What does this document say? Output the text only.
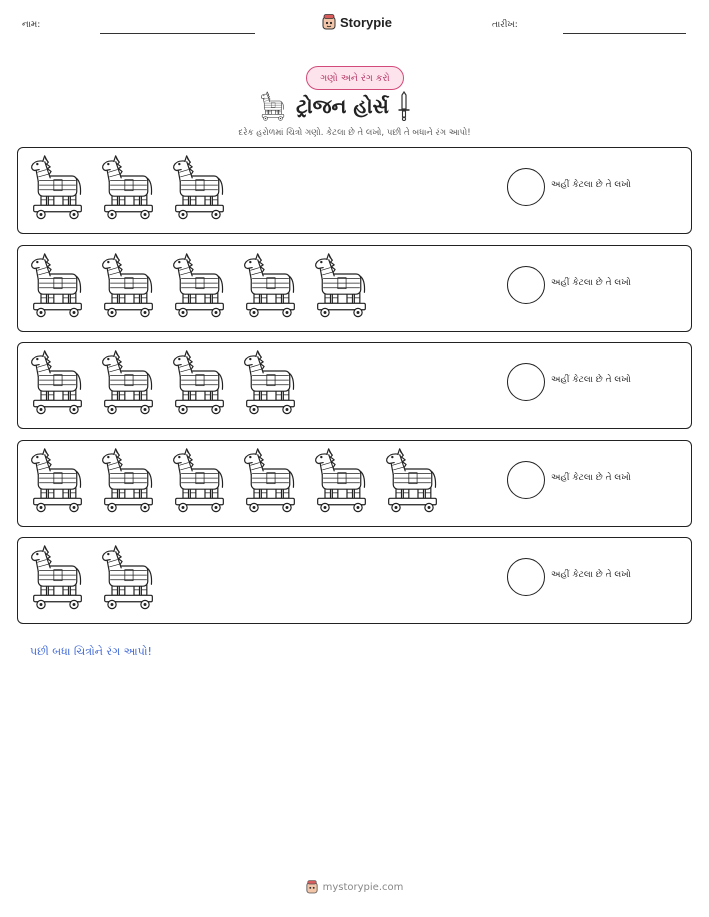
નામ:	Storypie	તારીખ:
ગણો અને રંગ કરો
ટ્રોજન હોર્સ
દરેક હરોળમાં ચિત્રો ગણો. કેટલા છે તે લખો, પછી તે બધાને રંગ આપો!
અહીં કેટલા છે તે લખો
અહીં કેટલા છે તે લખો
અહીં કેટલા છે તે લખો
અહીં કેટલા છે તે લખો
અહીં કેટલા છે તે લખો
પછી બધા ચિત્રોને રંગ આપો!
mystorypie.com
